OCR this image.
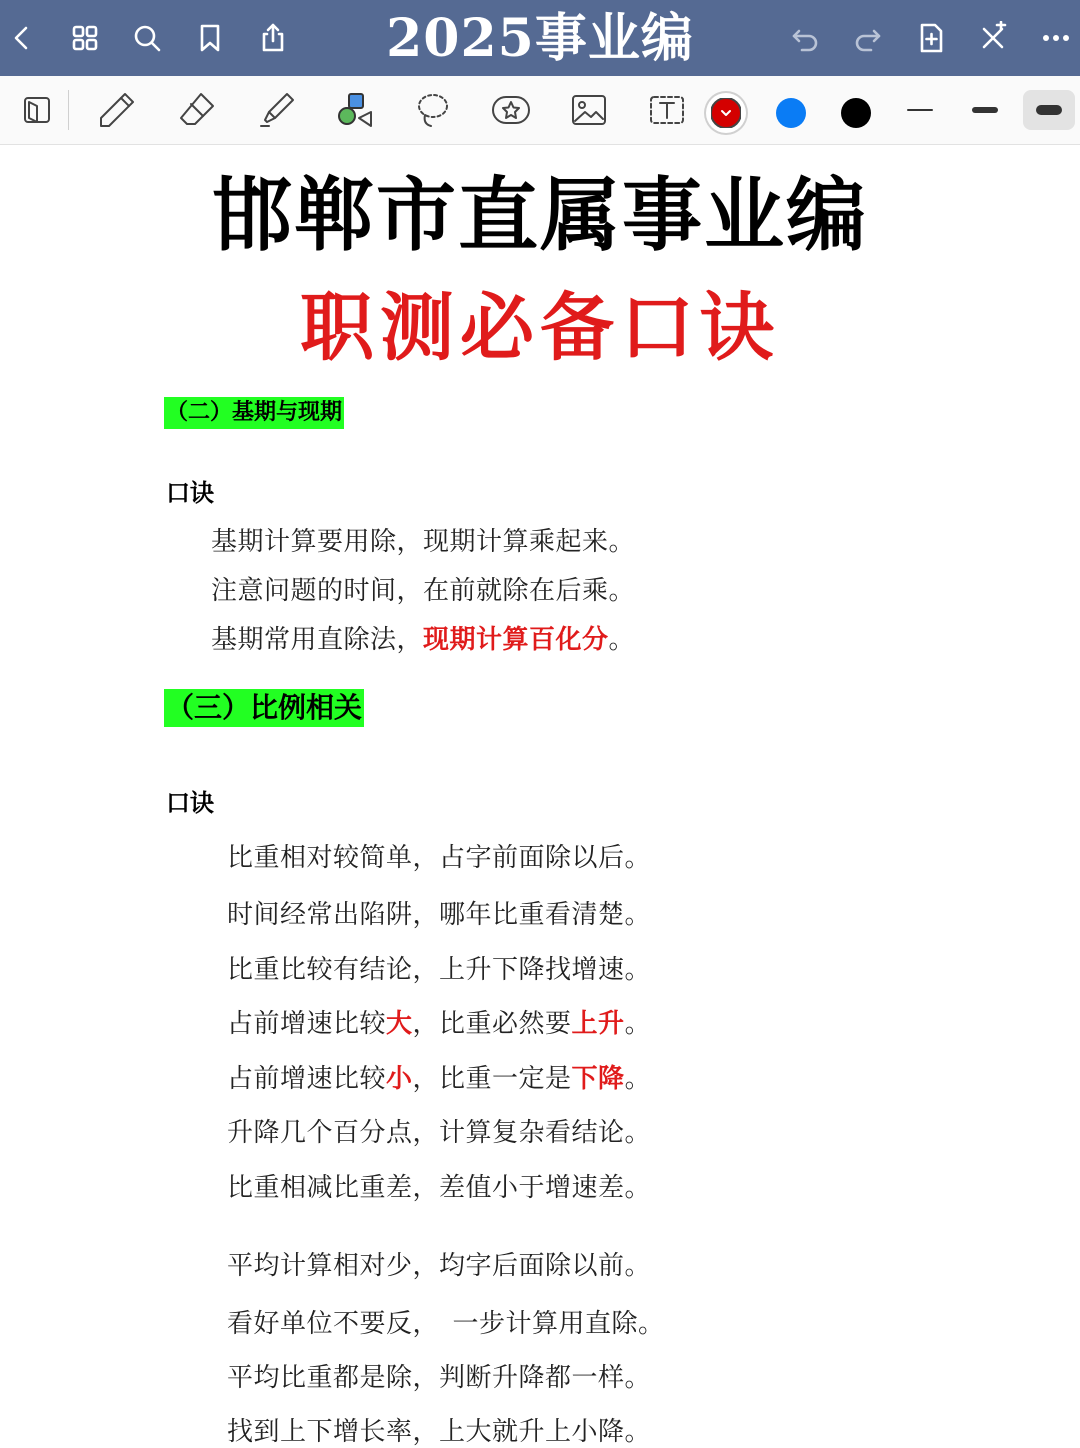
2025事业编
邯郸市直属事业编
职测必备口诀
（二）基期与现期
口诀
基期计算要用除，现期计算乘起来。
注意问题的时间，在前就除在后乘。
基期常用直除法，现期计算百化分。
（三）比例相关
口诀
比重相对较简单，占字前面除以后。
时间经常出陷阱，哪年比重看清楚。
比重比较有结论，上升下降找增速。
占前增速比较大，比重必然要上升。
占前增速比较小，比重一定是下降。
升降几个百分点，计算复杂看结论。
比重相减比重差，差值小于增速差。
平均计算相对少，均字后面除以前。
看好单位不要反，　一步计算用直除。
平均比重都是除，判断升降都一样。
找到上下增长率，上大就升上小降。
